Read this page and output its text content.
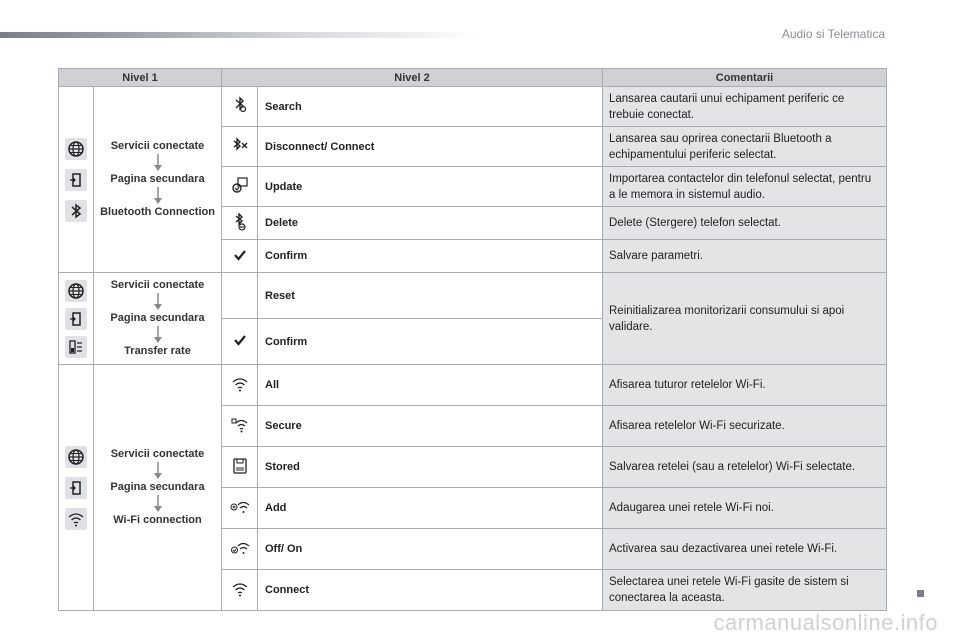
Audio si Telematica
Nivel 1		Nivel 2		Comentarii

Servicii conectate
Pagina secundara
Bluetooth Connection		Search	Lansarea cautarii unui echipament periferic ce trebuie conectat.
	Disconnect/ Connect	Lansarea sau oprirea conectarii Bluetooth a echipamentului periferic selectat.
	Update	Importarea contactelor din telefonul selectat, pentru a le memora in sistemul audio.
	Delete	Delete (Stergere) telefon selectat.
	Confirm	Salvare parametri.

Servicii conectate
Pagina secundara
Transfer rate		Reset	Reinitializarea monitorizarii consumului si apoi validare.
	Confirm	

Servicii conectate
Pagina secundara
Wi-Fi connection		All	Afisarea tuturor retelelor Wi-Fi.
	Secure	Afisarea retelelor Wi-Fi securizate.
	Stored	Salvarea retelei (sau a retelelor) Wi-Fi selectate.
	Add	Adaugarea unei retele Wi-Fi noi.
	Off/ On	Activarea sau dezactivarea unei retele Wi-Fi.
	Connect	Selectarea unei retele Wi-Fi gasite de sistem si conectarea la aceasta.
carmanualsonline.info
